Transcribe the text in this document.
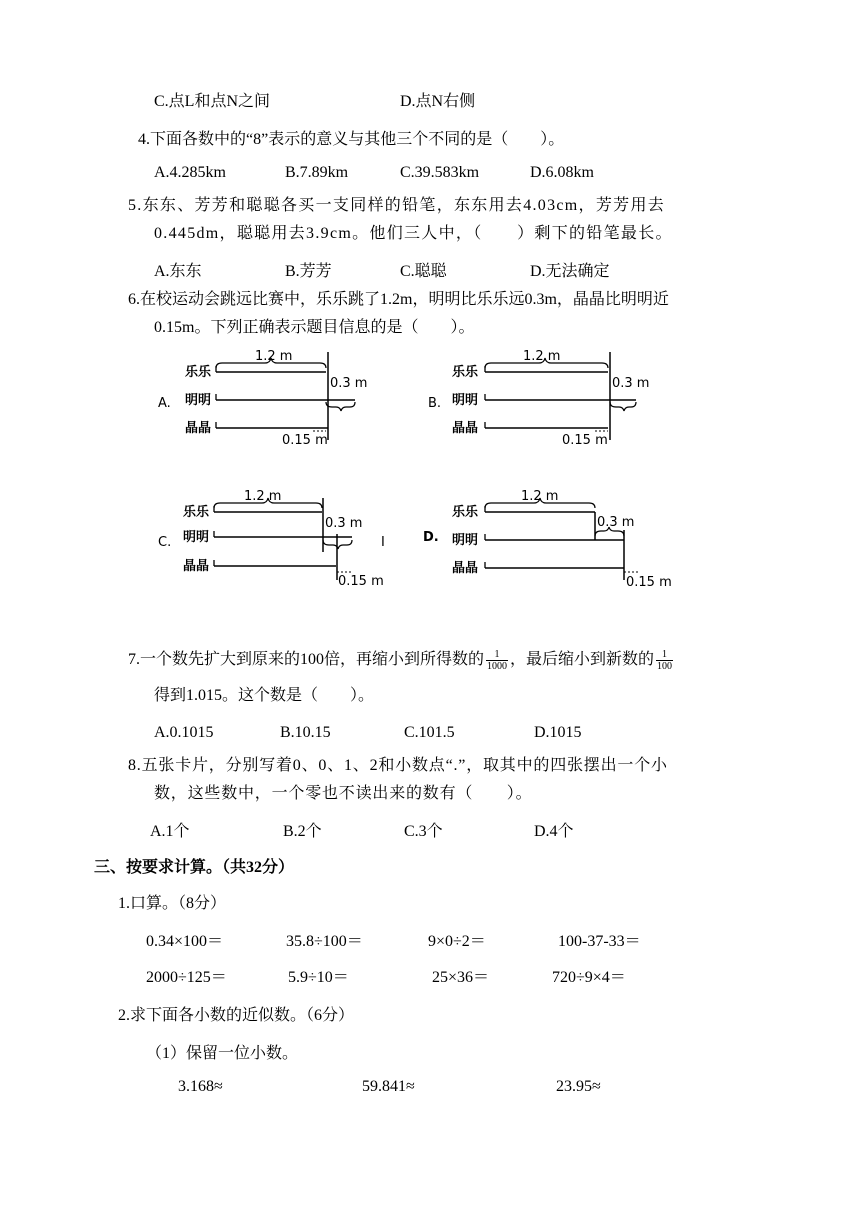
C.点L和点N之间	D.点N右侧
4.下面各数中的“8”表示的意义与其他三个不同的是（　　）。
A.4.285km	B.7.89km	C.39.583km	D.6.08km
5.东东、芳芳和聪聪各买一支同样的铅笔，东东用去4.03cm，芳芳用去
0.445dm，聪聪用去3.9cm。他们三人中，（　　）剩下的铅笔最长。
A.东东	B.芳芳	C.聪聪	D.无法确定
6.在校运动会跳远比赛中，乐乐跳了1.2m，明明比乐乐远0.3m，晶晶比明明近
0.15m。下列正确表示题目信息的是（　　）。
A.
乐乐
明明
晶晶
1.2 m
0.3 m
0.15 m
B.
乐乐
明明
晶晶
1.2 m
0.3 m
0.15 m
C.
乐乐
明明
晶晶
1.2 m
0.3 m
0.15 m
I	D.
乐乐
明明
晶晶
1.2 m
0.3 m
0.15 m
7.一个数先扩大到原来的100倍，再缩小到所得数的 $\frac{1}{1000}$ ，最后缩小到新数的 $\frac{1}{100}$
得到1.015。这个数是（　　）。
A.0.1015	B.10.15	C.101.5	D.1015
8.五张卡片，分别写着0、0、1、2和小数点“.”，取其中的四张摆出一个小
数，这些数中，一个零也不读出来的数有（　　）。
A.1个	B.2个	C.3个	D.4个
三、按要求计算。（共32分）
1.口算。（8分）
0.34×100＝	35.8÷100＝	9×0÷2＝	100-37-33＝
2000÷125＝	5.9÷10＝	25×36＝	720÷9×4＝
2.求下面各小数的近似数。（6分）
（1）保留一位小数。
3.168≈	59.841≈	23.95≈
